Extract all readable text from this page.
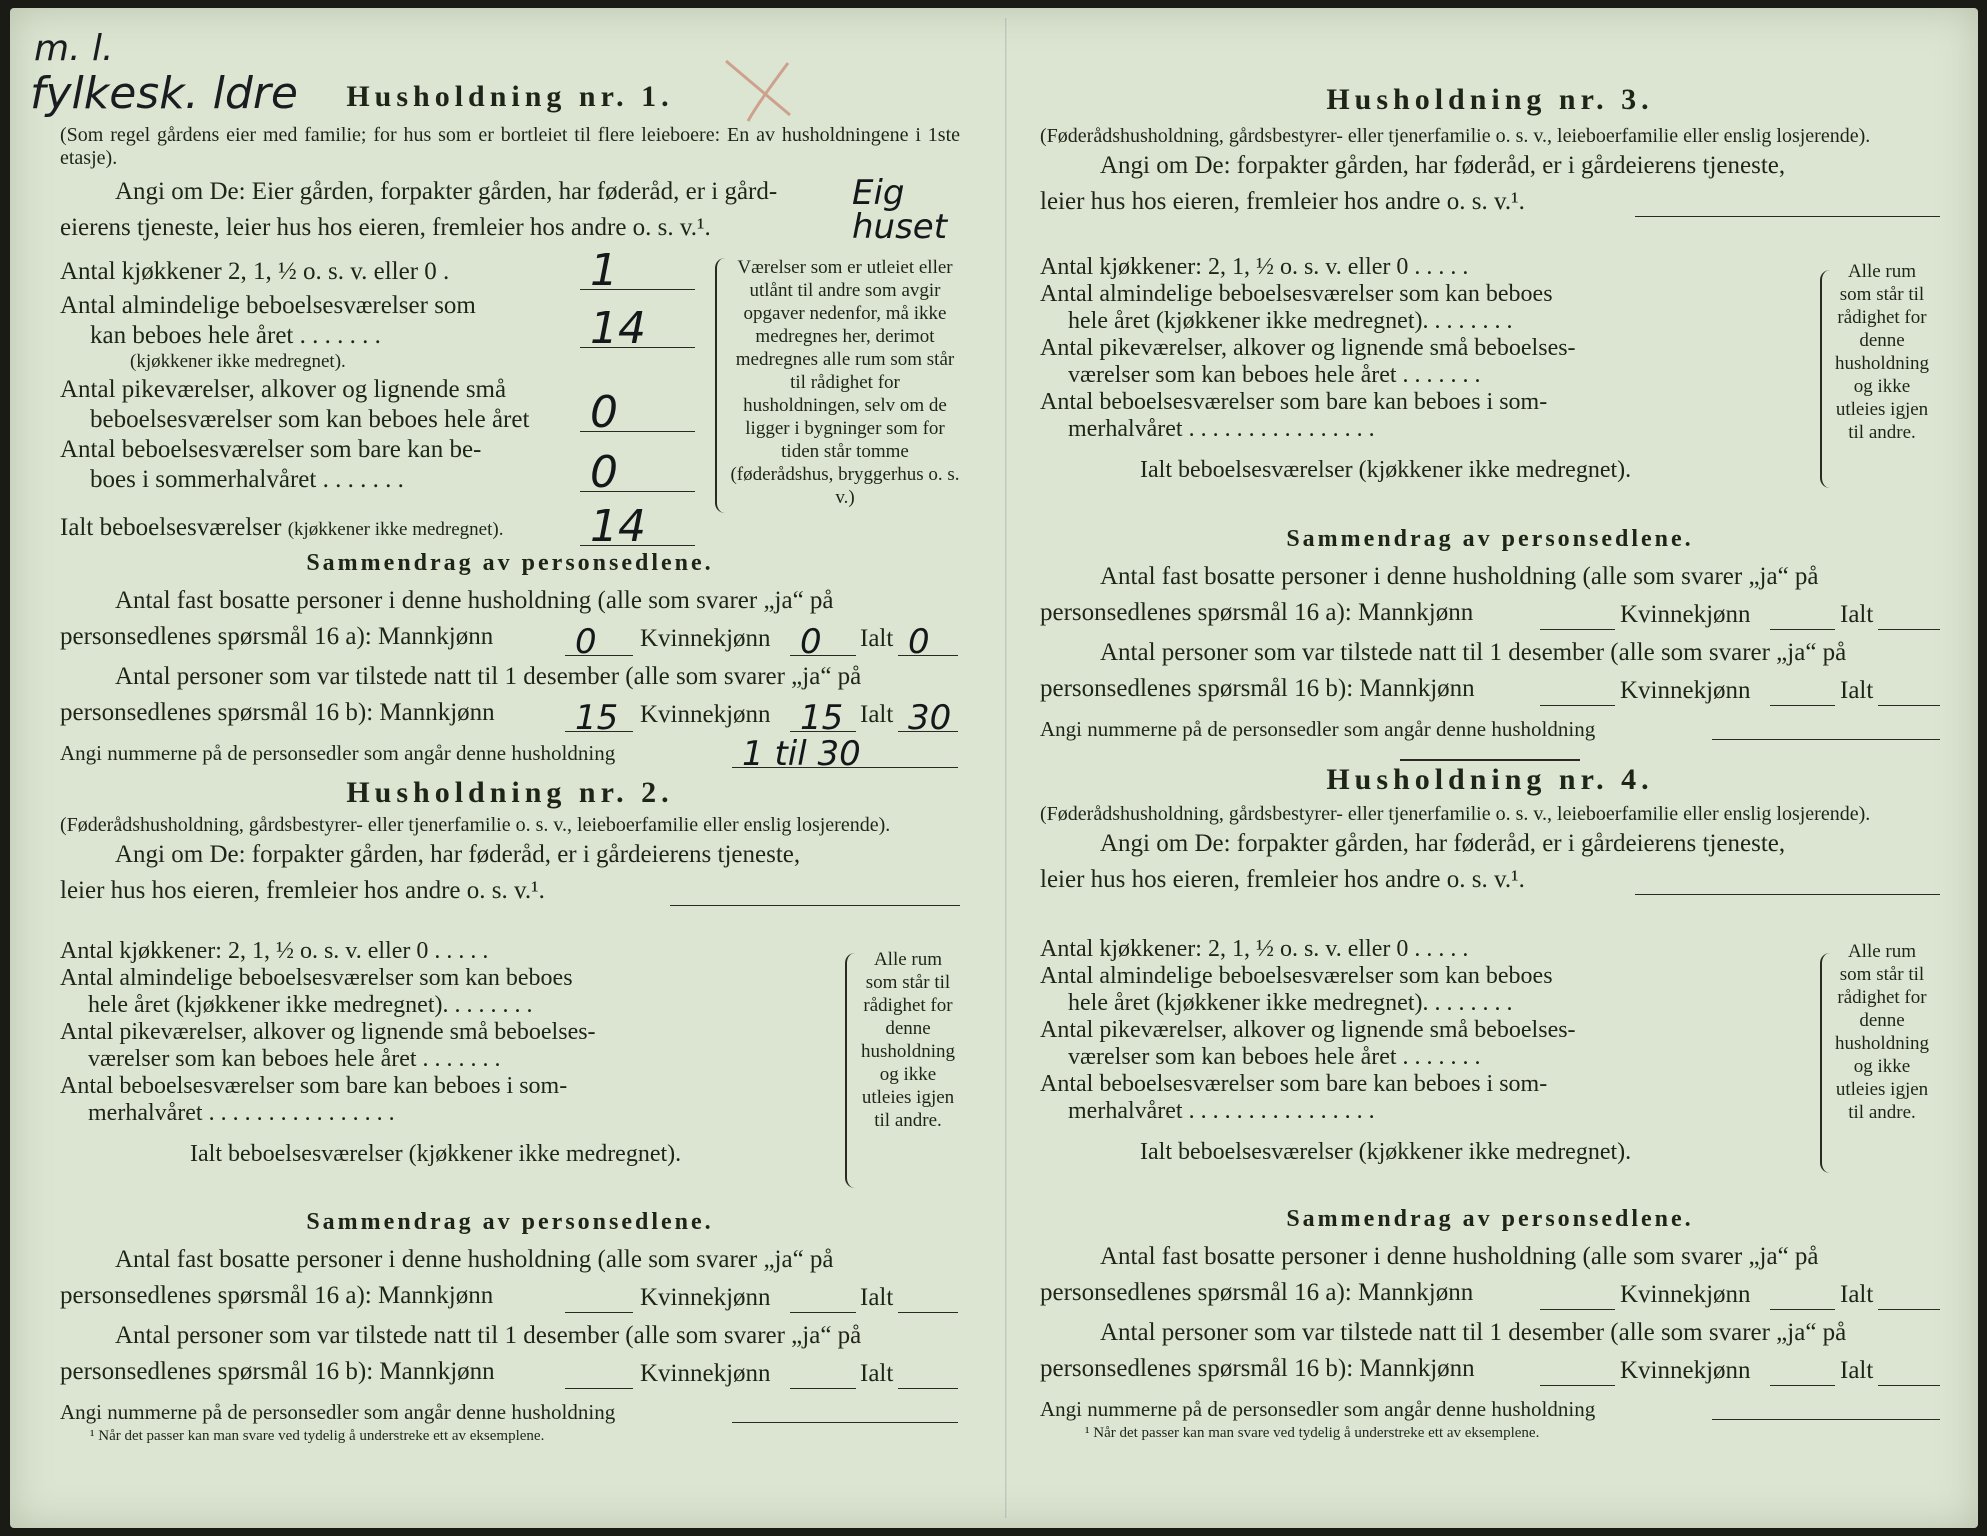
m. l.
fylkesk. ldre	Husholdning nr. 1.
(Som regel gårdens eier med familie; for hus som er bortleiet til flere leieboere: En av husholdningene i 1ste etasje).
Angi om De: Eier gården, forpakter gården, har føderåd, er i gård-
eierens tjeneste, leier hus hos eieren, fremleier hos andre o. s. v.¹.
Eig huset
Antal kjøkkener 2, 1, ½ o. s. v. eller 0 .	1
Antal almindelige beboelsesværelser som
kan beboes hele året . . . . . . .	14
(kjøkkener ikke medregnet).
Antal pikeværelser, alkover og lignende små
beboelsesværelser som kan beboes hele året 0
Antal beboelsesværelser som bare kan be-
boes i sommerhalvåret . . . . . . .	0
Ialt beboelsesværelser (kjøkkener ikke medregnet). 14
Værelser som er utleiet eller utlånt til andre som avgir opgaver nedenfor, må ikke medregnes her, derimot medregnes alle rum som står til rådighet for husholdningen, selv om de ligger i bygninger som for tiden står tomme (føderådshus, bryggerhus o. s. v.)
Sammendrag av personsedlene.
Antal fast bosatte personer i denne husholdning (alle som svarer „ja“ på
personsedlenes spørsmål 16 a): Mannkjønn 0 Kvinnekjønn 0 Ialt 0
Antal personer som var tilstede natt til 1 desember (alle som svarer „ja“ på
personsedlenes spørsmål 16 b): Mannkjønn 15 Kvinnekjønn 15 Ialt 30
Angi nummerne på de personsedler som angår denne husholdning	1 til 30
Husholdning nr. 2.
(Føderådshusholdning, gårdsbestyrer- eller tjenerfamilie o. s. v., leieboerfamilie eller enslig losjerende).
Angi om De: forpakter gården, har føderåd, er i gårdeierens tjeneste,
leier hus hos eieren, fremleier hos andre o. s. v.¹.
Antal kjøkkener: 2, 1, ½ o. s. v. eller 0 . . . . .
Antal almindelige beboelsesværelser som kan beboes
hele året (kjøkkener ikke medregnet). . . . . . . .
Antal pikeværelser, alkover og lignende små beboelses-
værelser som kan beboes hele året . . . . . . .
Antal beboelsesværelser som bare kan beboes i som-
merhalvåret . . . . . . . . . . . . . . . .
Ialt beboelsesværelser (kjøkkener ikke medregnet).
Alle rum som står til rådighet for denne husholdning og ikke utleies igjen til andre.
Sammendrag av personsedlene.
Antal fast bosatte personer i denne husholdning (alle som svarer „ja“ på
personsedlenes spørsmål 16 a): Mannkjønn	Kvinnekjønn	Ialt
Antal personer som var tilstede natt til 1 desember (alle som svarer „ja“ på
personsedlenes spørsmål 16 b): Mannkjønn	Kvinnekjønn	Ialt
Angi nummerne på de personsedler som angår denne husholdning
¹ Når det passer kan man svare ved tydelig å understreke ett av eksemplene.
Husholdning nr. 3.
(Føderådshusholdning, gårdsbestyrer- eller tjenerfamilie o. s. v., leieboerfamilie eller enslig losjerende).
Angi om De: forpakter gården, har føderåd, er i gårdeierens tjeneste,
leier hus hos eieren, fremleier hos andre o. s. v.¹.
Antal kjøkkener: 2, 1, ½ o. s. v. eller 0 . . . . .
Antal almindelige beboelsesværelser som kan beboes
hele året (kjøkkener ikke medregnet). . . . . . . .
Antal pikeværelser, alkover og lignende små beboelses-
værelser som kan beboes hele året . . . . . . .
Antal beboelsesværelser som bare kan beboes i som-
merhalvåret . . . . . . . . . . . . . . . .
Ialt beboelsesværelser (kjøkkener ikke medregnet).
Alle rum som står til rådighet for denne husholdning og ikke utleies igjen til andre.
Sammendrag av personsedlene.
Antal fast bosatte personer i denne husholdning (alle som svarer „ja“ på
personsedlenes spørsmål 16 a): Mannkjønn	Kvinnekjønn	Ialt
Antal personer som var tilstede natt til 1 desember (alle som svarer „ja“ på
personsedlenes spørsmål 16 b): Mannkjønn	Kvinnekjønn	Ialt
Angi nummerne på de personsedler som angår denne husholdning
Husholdning nr. 4.
(Føderådshusholdning, gårdsbestyrer- eller tjenerfamilie o. s. v., leieboerfamilie eller enslig losjerende).
Angi om De: forpakter gården, har føderåd, er i gårdeierens tjeneste,
leier hus hos eieren, fremleier hos andre o. s. v.¹.
Antal kjøkkener: 2, 1, ½ o. s. v. eller 0 . . . . .
Antal almindelige beboelsesværelser som kan beboes
hele året (kjøkkener ikke medregnet). . . . . . . .
Antal pikeværelser, alkover og lignende små beboelses-
værelser som kan beboes hele året . . . . . . .
Antal beboelsesværelser som bare kan beboes i som-
merhalvåret . . . . . . . . . . . . . . . .
Ialt beboelsesværelser (kjøkkener ikke medregnet).
Alle rum som står til rådighet for denne husholdning og ikke utleies igjen til andre.
Sammendrag av personsedlene.
Antal fast bosatte personer i denne husholdning (alle som svarer „ja“ på
personsedlenes spørsmål 16 a): Mannkjønn	Kvinnekjønn	Ialt
Antal personer som var tilstede natt til 1 desember (alle som svarer „ja“ på
personsedlenes spørsmål 16 b): Mannkjønn	Kvinnekjønn	Ialt
Angi nummerne på de personsedler som angår denne husholdning
¹ Når det passer kan man svare ved tydelig å understreke ett av eksemplene.
